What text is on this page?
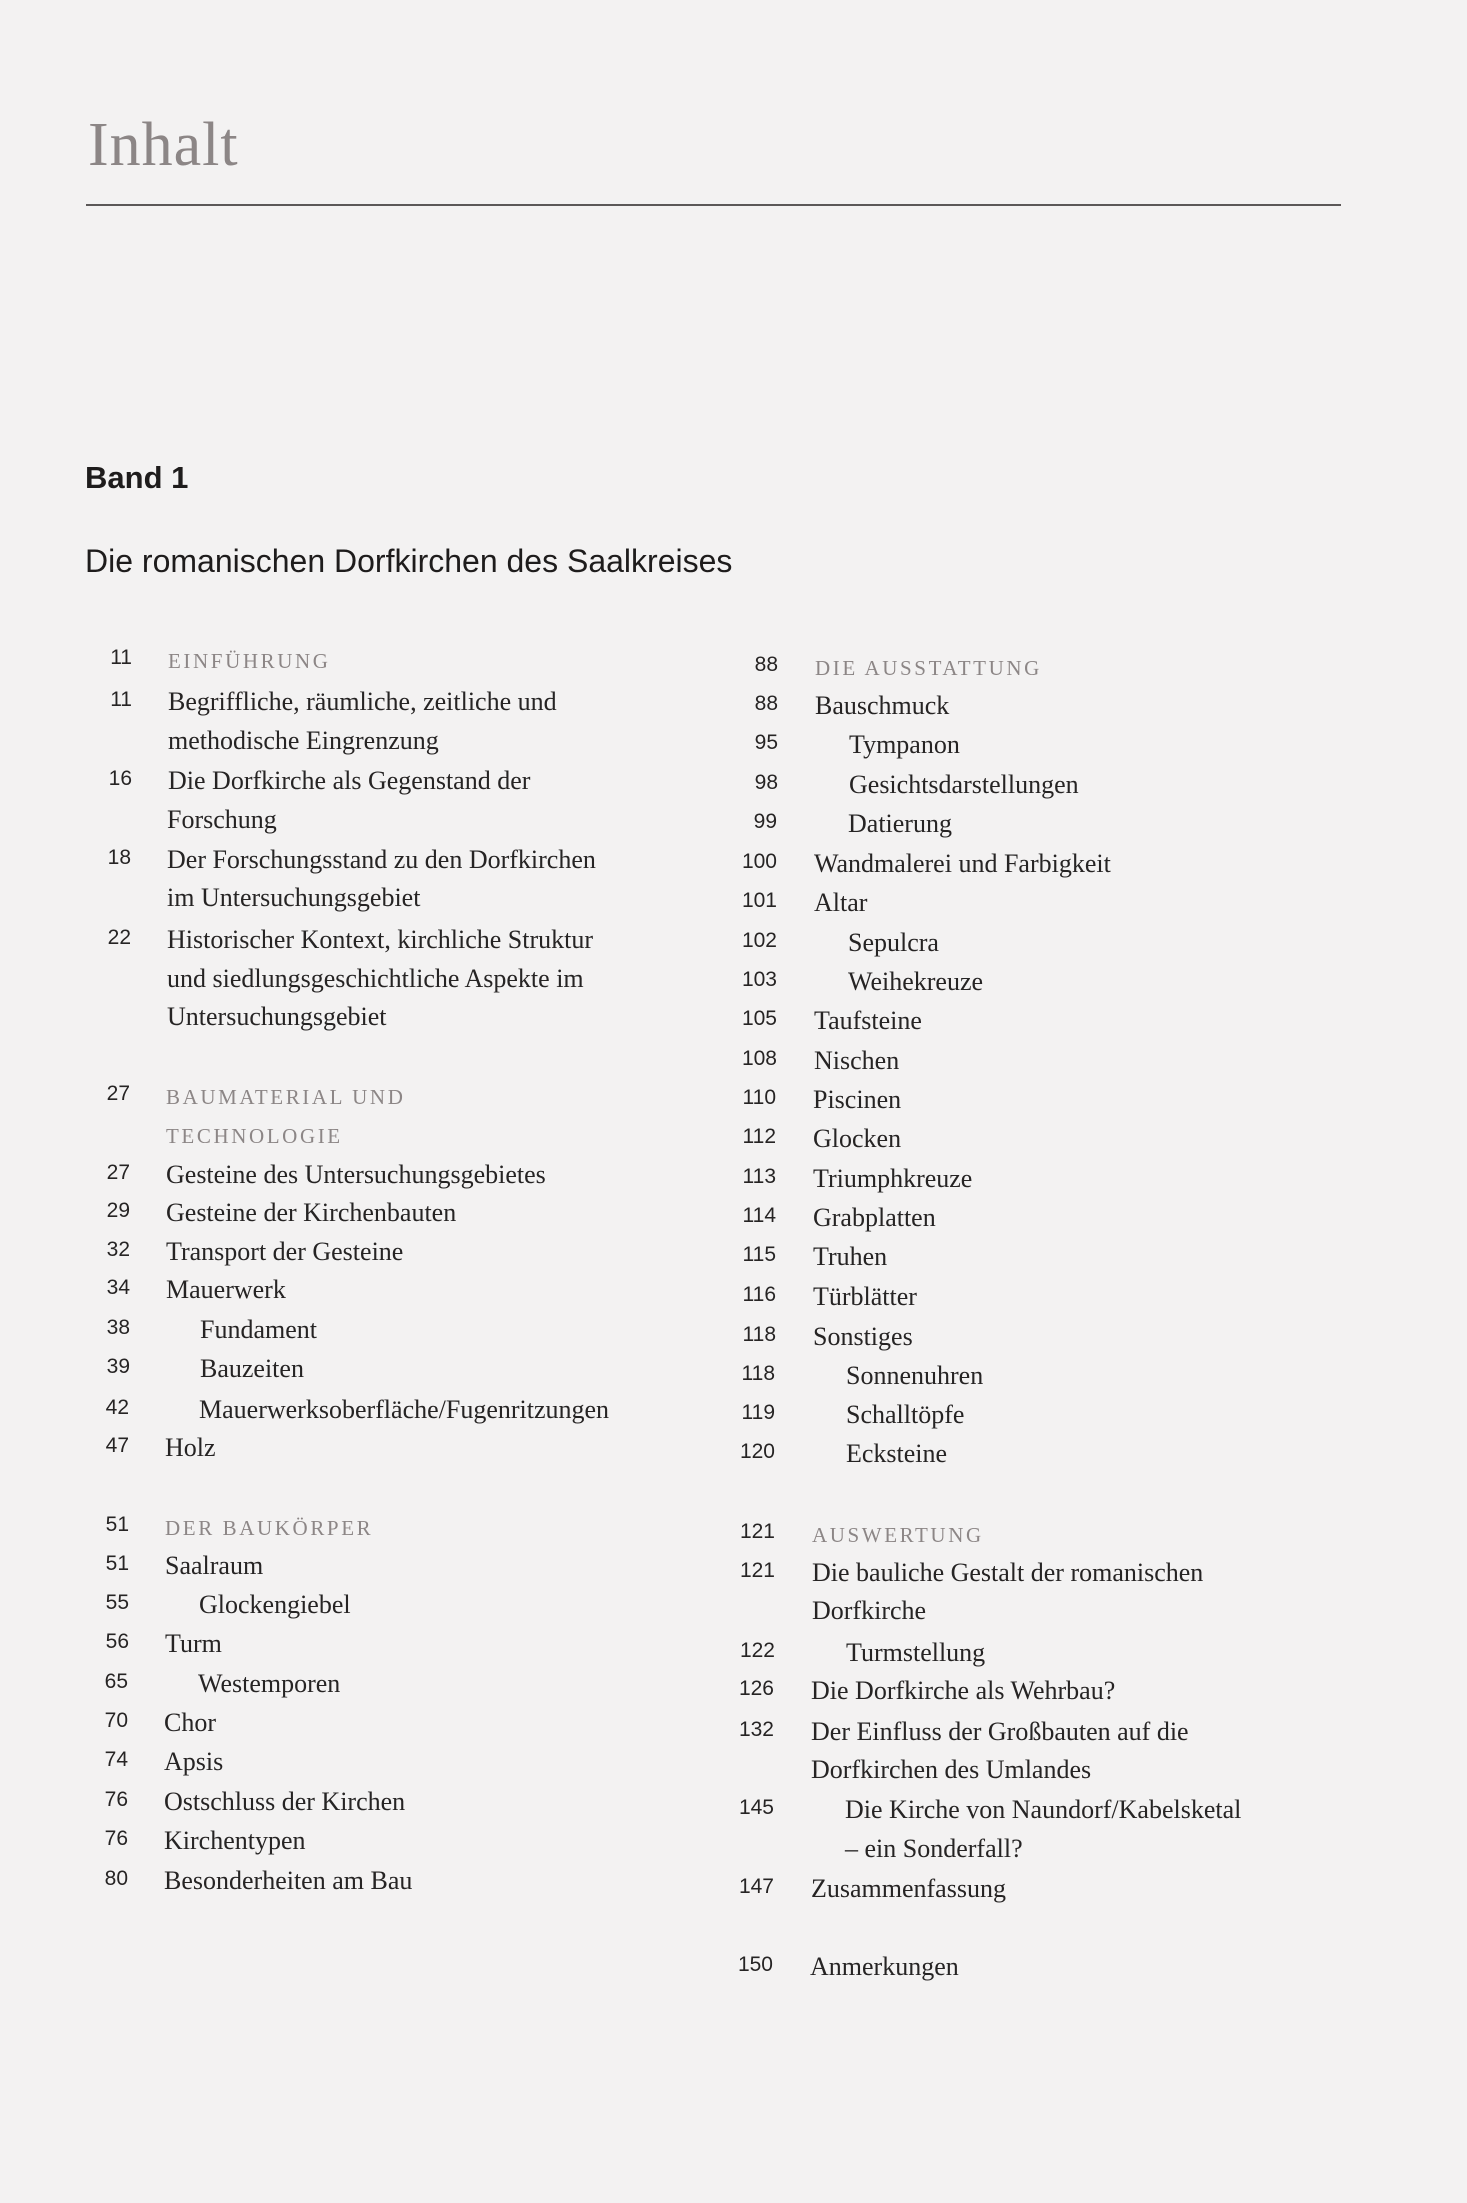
Inhalt
Band 1
Die romanischen Dorfkirchen des Saalkreises
11 EINFÜHRUNG
11 Begriffliche, räumliche, zeitliche und
methodische Eingrenzung
16 Die Dorfkirche als Gegenstand der
Forschung
18 Der Forschungsstand zu den Dorfkirchen
im Untersuchungsgebiet
22 Historischer Kontext, kirchliche Struktur
und siedlungsgeschichtliche Aspekte im
Untersuchungsgebiet
27 BAUMATERIAL UND
TECHNOLOGIE
27 Gesteine des Untersuchungsgebietes
29 Gesteine der Kirchenbauten
32 Transport der Gesteine
34 Mauerwerk
38	Fundament
39	Bauzeiten
42	Mauerwerksoberfläche/Fugenritzungen
47 Holz
51 DER BAUKÖRPER
51 Saalraum
55	Glockengiebel
56 Turm
65	Westemporen
70 Chor
74 Apsis
76 Ostschluss der Kirchen
76 Kirchentypen
80 Besonderheiten am Bau
88 DIE AUSSTATTUNG
88 Bauschmuck
95	Tympanon
98	Gesichtsdarstellungen
99	Datierung
100 Wandmalerei und Farbigkeit
101 Altar
102	Sepulcra
103	Weihekreuze
105 Taufsteine
108 Nischen
110 Piscinen
112 Glocken
113 Triumphkreuze
114 Grabplatten
115 Truhen
116 Türblätter
118 Sonstiges
118	Sonnenuhren
119	Schalltöpfe
120	Ecksteine
121 AUSWERTUNG
121 Die bauliche Gestalt der romanischen
Dorfkirche
122	Turmstellung
126 Die Dorfkirche als Wehrbau?
132 Der Einfluss der Großbauten auf die
Dorfkirchen des Umlandes
145	Die Kirche von Naundorf/Kabelsketal
– ein Sonderfall?
147 Zusammenfassung
150 Anmerkungen
